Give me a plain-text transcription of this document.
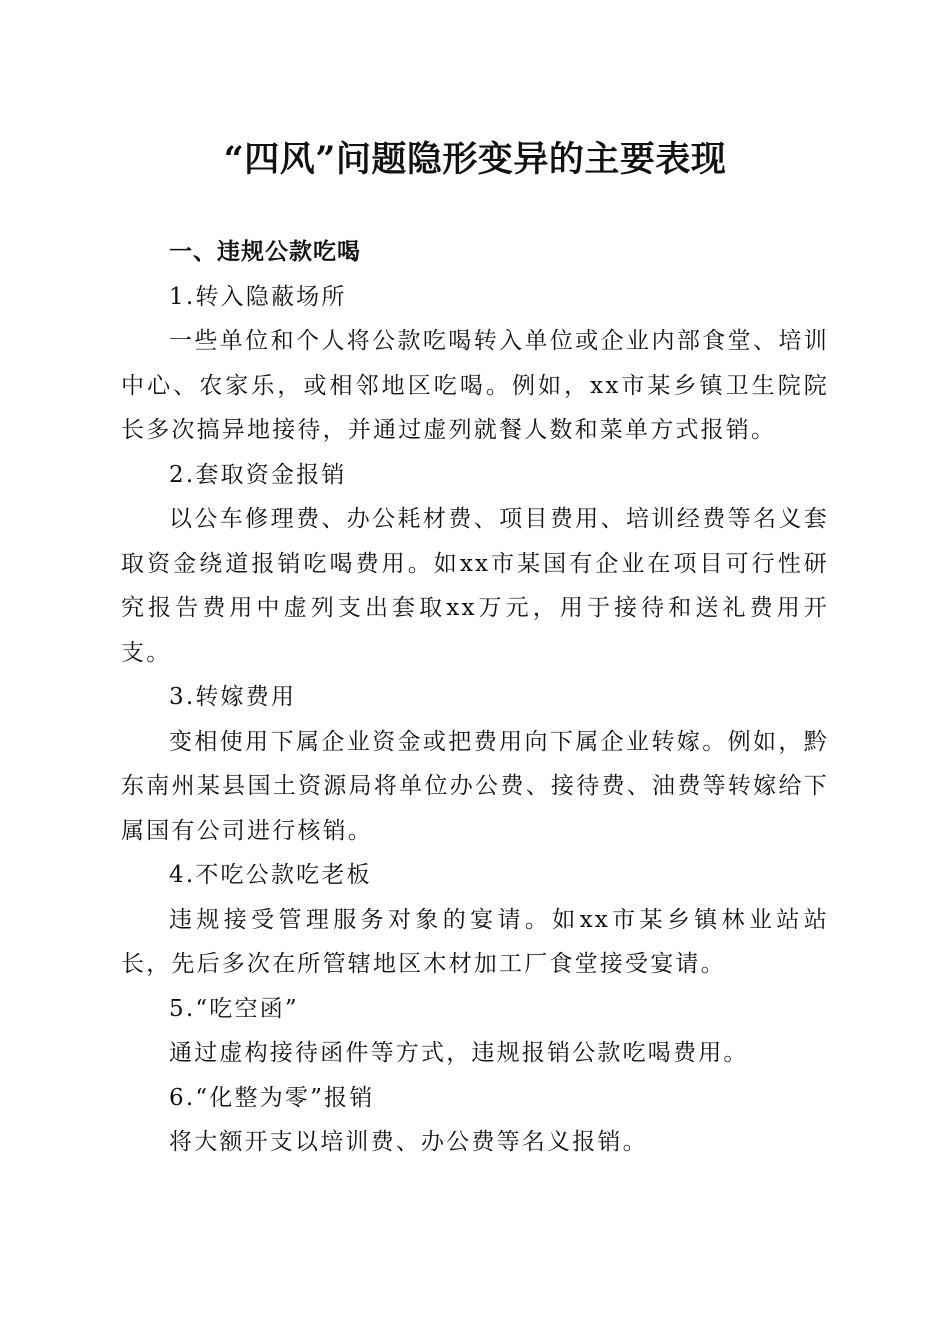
“四风”问题隐形变异的主要表现

一、违规公款吃喝

1.转入隐蔽场所

一些单位和个人将公款吃喝转入单位或企业内部食堂、培训中心、农家乐，或相邻地区吃喝。例如，xx市某乡镇卫生院院长多次搞异地接待，并通过虚列就餐人数和菜单方式报销。

2.套取资金报销

以公车修理费、办公耗材费、项目费用、培训经费等名义套取资金绕道报销吃喝费用。如xx市某国有企业在项目可行性研究报告费用中虚列支出套取xx万元，用于接待和送礼费用开支。

3.转嫁费用

变相使用下属企业资金或把费用向下属企业转嫁。例如，黔东南州某县国土资源局将单位办公费、接待费、油费等转嫁给下属国有公司进行核销。

4.不吃公款吃老板

违规接受管理服务对象的宴请。如xx市某乡镇林业站站长，先后多次在所管辖地区木材加工厂食堂接受宴请。

5.“吃空函”

通过虚构接待函件等方式，违规报销公款吃喝费用。

6.“化整为零”报销

将大额开支以培训费、办公费等名义报销。
